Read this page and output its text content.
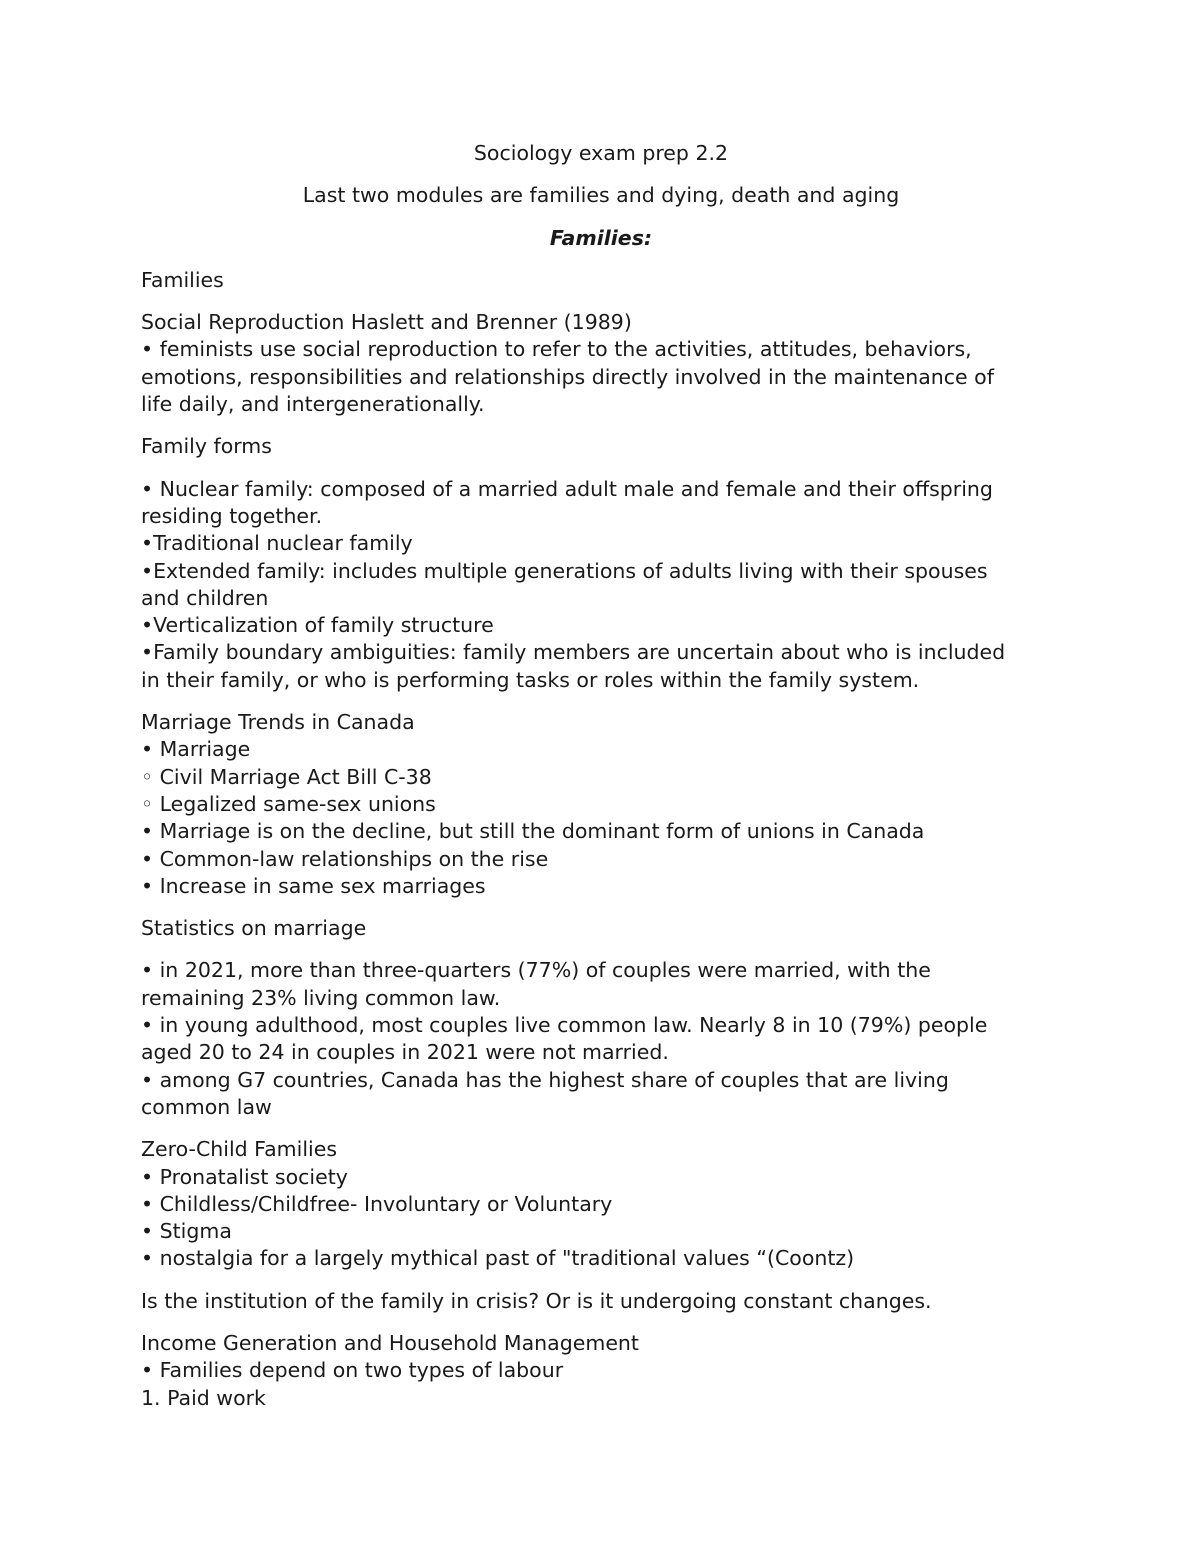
Sociology exam prep 2.2
Last two modules are families and dying, death and aging
Families:
Families
Social Reproduction Haslett and Brenner (1989)
• feminists use social reproduction to refer to the activities, attitudes, behaviors,
emotions, responsibilities and relationships directly involved in the maintenance of
life daily, and intergenerationally.
Family forms
• Nuclear family: composed of a married adult male and female and their offspring
residing together.
•Traditional nuclear family
•Extended family: includes multiple generations of adults living with their spouses
and children
•Verticalization of family structure
•Family boundary ambiguities: family members are uncertain about who is included
in their family, or who is performing tasks or roles within the family system.
Marriage Trends in Canada
• Marriage
◦ Civil Marriage Act Bill C-38
◦ Legalized same-sex unions
• Marriage is on the decline, but still the dominant form of unions in Canada
• Common-law relationships on the rise
• Increase in same sex marriages
Statistics on marriage
• in 2021, more than three-quarters (77%) of couples were married, with the
remaining 23% living common law.
• in young adulthood, most couples live common law. Nearly 8 in 10 (79%) people
aged 20 to 24 in couples in 2021 were not married.
• among G7 countries, Canada has the highest share of couples that are living
common law
Zero-Child Families
• Pronatalist society
• Childless/Childfree- Involuntary or Voluntary
• Stigma
• nostalgia for a largely mythical past of "traditional values “(Coontz)
Is the institution of the family in crisis? Or is it undergoing constant changes.
Income Generation and Household Management
• Families depend on two types of labour
1. Paid work
